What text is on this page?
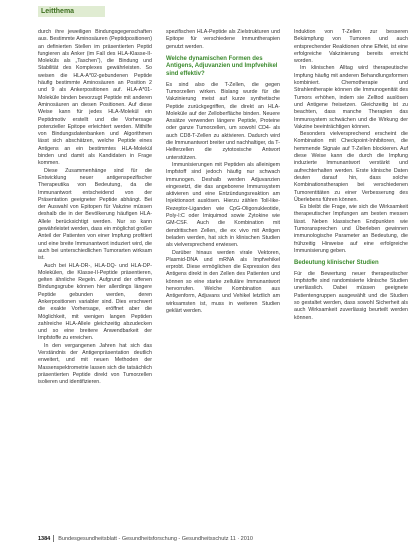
Leitthema

durch ihre jeweiligen Bindungsgegenschaften aus. Bestimmte Aminosäuren (Peptidpositionen) an definierten Stellen im präsentierten Peptid fungieren als Anker (im Fall des HLA-Klasse-II-Moleküls als „Taschen“), die Bindung und Stabilität des Komplexes gewährleisten. So weisen die HLA-A*02-gebundenen Peptide häufig bestimmte Aminosäuren an Position 2 und 9 als Ankerpositionen auf. HLA-A*01-Moleküle binden bevorzugt Peptide mit anderen Aminosäuren an diesen Positionen. Auf diese Weise kann für jedes HLA-Molekül ein Peptidmotiv erstellt und die Vorhersage potenzieller Epitope erleichtert werden. Mithilfe von Bindungsdatenbanken und Algorithmen lässt sich abschätzen, welche Peptide eines Antigens an ein bestimmtes HLA-Molekül binden und damit als Kandidaten in Frage kommen.

Diese Zusammenhänge sind für die Entwicklung neuer antigenspezifischer Therapeutika von Bedeutung, da die Immunantwort entscheidend von der Präsentation geeigneter Peptide abhängt. Bei der Auswahl von Epitopen für Vakzine müssen deshalb die in der Bevölkerung häufigen HLA-Allele berücksichtigt werden. Nur so kann gewährleistet werden, dass ein möglichst großer Anteil der Patienten von einer Impfung profitiert und eine breite Immunantwort induziert wird, die auch bei unterschiedlichen Tumorarten wirksam ist.

Auch bei HLA-DR-, HLA-DQ- und HLA-DP-Molekülen, die Klasse-II-Peptide präsentieren, gelten ähnliche Regeln. Aufgrund der offenen Bindungsgrube können hier allerdings längere Peptide gebunden werden, deren Ankerpositionen variabler sind. Dies erschwert die exakte Vorhersage, eröffnet aber die Möglichkeit, mit wenigen langen Peptiden zahlreiche HLA-Allele gleichzeitig abzudecken und so eine breitere Anwendbarkeit der Impfstoffe zu erreichen.

In den vergangenen Jahren hat sich das Verständnis der Antigenpräsentation deutlich erweitert, und mit neuen Methoden der Massenspektrometrie lassen sich die tatsächlich präsentierten Peptide direkt von Tumorzellen isolieren und identifizieren.

spezifischen HLA-Peptide als Zielstrukturen und Epitope für verschiedene Immuntherapien genutzt werden.

Welche dynamischen Formen des Antigens, Adjuvanzien und Impfvehikel sind effektiv?

Es sind also die T-Zellen, die gegen Tumorzellen wirken. Bislang wurde für die Vakzinierung meist auf kurze synthetische Peptide zurückgegriffen, die direkt an HLA-Moleküle auf der Zelloberfläche binden. Neuere Ansätze verwenden längere Peptide, Proteine oder ganze Tumorzellen, um sowohl CD4- als auch CD8-T-Zellen zu aktivieren. Dadurch wird die Immunantwort breiter und nachhaltiger, da T-Helferzellen die zytotoxische Antwort unterstützen.

Immunisierungen mit Peptiden als alleinigem Impfstoff sind jedoch häufig nur schwach immunogen. Deshalb werden Adjuvanzien eingesetzt, die das angeborene Immunsystem aktivieren und eine Entzündungsreaktion am Injektionsort auslösen. Hierzu zählen Toll-like-Rezeptor-Liganden wie CpG-Oligonukleotide, Poly-I:C oder Imiquimod sowie Zytokine wie GM-CSF. Auch die Kombination mit dendritischen Zellen, die ex vivo mit Antigen beladen werden, hat sich in klinischen Studien als vielversprechend erwiesen.

Darüber hinaus werden virale Vektoren, Plasmid-DNA und mRNA als Impfvehikel erprobt. Diese ermöglichen die Expression des Antigens direkt in den Zellen des Patienten und können so eine starke zelluläre Immunantwort hervorrufen. Welche Kombination aus Antigenform, Adjuvans und Vehikel letztlich am wirksamsten ist, muss in weiteren Studien geklärt werden.

Induktion von T-Zellen zur besseren Bekämpfung von Tumoren und auch entsprechender Reaktionen ohne Effekt, ist eine erfolgreiche Vakzinierung bereits erreicht worden.

Im klinischen Alltag wird therapeutische Impfung häufig mit anderen Behandlungsformen kombiniert. Chemotherapie und Strahlentherapie können die Immunogenität des Tumors erhöhen, indem sie Zelltod auslösen und Antigene freisetzen. Gleichzeitig ist zu beachten, dass manche Therapien das Immunsystem schwächen und die Wirkung der Vakzine beeinträchtigen können.

Besonders vielversprechend erscheint die Kombination mit Checkpoint-Inhibitoren, die hemmende Signale auf T-Zellen blockieren. Auf diese Weise kann die durch die Impfung induzierte Immunantwort verstärkt und aufrechterhalten werden. Erste klinische Daten deuten darauf hin, dass solche Kombinationstherapien bei verschiedenen Tumorentitäten zu einer Verbesserung des Überlebens führen können.

Es bleibt die Frage, wie sich die Wirksamkeit therapeutischer Impfungen am besten messen lässt. Neben klassischen Endpunkten wie Tumoransprechen und Überleben gewinnen immunologische Parameter an Bedeutung, die frühzeitig Hinweise auf eine erfolgreiche Immunisierung geben.

Bedeutung klinischer Studien

Für die Bewertung neuer therapeutischer Impfstoffe sind randomisierte klinische Studien unerlässlich. Dabei müssen geeignete Patientengruppen ausgewählt und die Studien so gestaltet werden, dass sowohl Sicherheit als auch Wirksamkeit zuverlässig beurteilt werden können.

1384 Bundesgesundheitsblatt - Gesundheitsforschung - Gesundheitsschutz 11 · 2010
